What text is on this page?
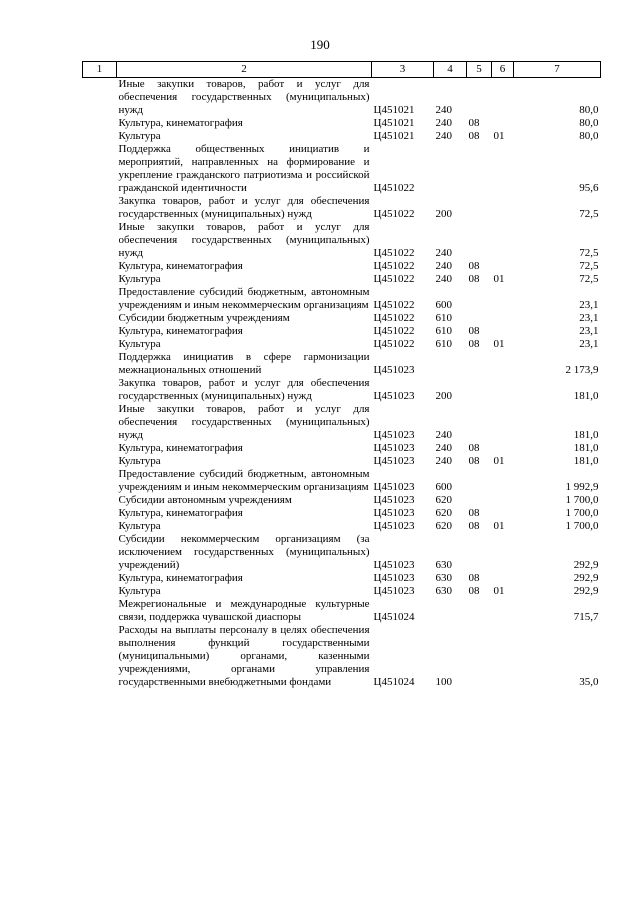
190
1	2	3	4	5	6	7
	Иные закупки товаров, работ и услуг для обеспечения государственных (муниципальных) нужд	Ц451021	240			80,0
	Культура, кинематография	Ц451021	240	08		80,0
	Культура	Ц451021	240	08	01	80,0
	Поддержка общественных инициатив и мероприятий, направленных на формирование и укрепление гражданского патриотизма и российской гражданской идентичности	Ц451022				95,6
	Закупка товаров, работ и услуг для обеспечения государственных (муниципальных) нужд	Ц451022	200			72,5
	Иные закупки товаров, работ и услуг для обеспечения государственных (муниципальных) нужд	Ц451022	240			72,5
	Культура, кинематография	Ц451022	240	08		72,5
	Культура	Ц451022	240	08	01	72,5
	Предоставление субсидий бюджетным, автономным учреждениям и иным некоммерческим организациям	Ц451022	600			23,1
	Субсидии бюджетным учреждениям	Ц451022	610			23,1
	Культура, кинематография	Ц451022	610	08		23,1
	Культура	Ц451022	610	08	01	23,1
	Поддержка инициатив в сфере гармонизации межнациональных отношений	Ц451023				2 173,9
	Закупка товаров, работ и услуг для обеспечения государственных (муниципальных) нужд	Ц451023	200			181,0
	Иные закупки товаров, работ и услуг для обеспечения государственных (муниципальных) нужд	Ц451023	240			181,0
	Культура, кинематография	Ц451023	240	08		181,0
	Культура	Ц451023	240	08	01	181,0
	Предоставление субсидий бюджетным, автономным учреждениям и иным некоммерческим организациям	Ц451023	600			1 992,9
	Субсидии автономным учреждениям	Ц451023	620			1 700,0
	Культура, кинематография	Ц451023	620	08		1 700,0
	Культура	Ц451023	620	08	01	1 700,0
	Субсидии некоммерческим организациям (за исключением государственных (муниципальных) учреждений)	Ц451023	630			292,9
	Культура, кинематография	Ц451023	630	08		292,9
	Культура	Ц451023	630	08	01	292,9
	Межрегиональные и международные культурные связи, поддержка чувашской диаспоры	Ц451024				715,7
	Расходы на выплаты персоналу в целях обеспечения выполнения функций государственными (муниципальными) органами, казенными учреждениями, органами управления государственными внебюджетными фондами	Ц451024	100			35,0
